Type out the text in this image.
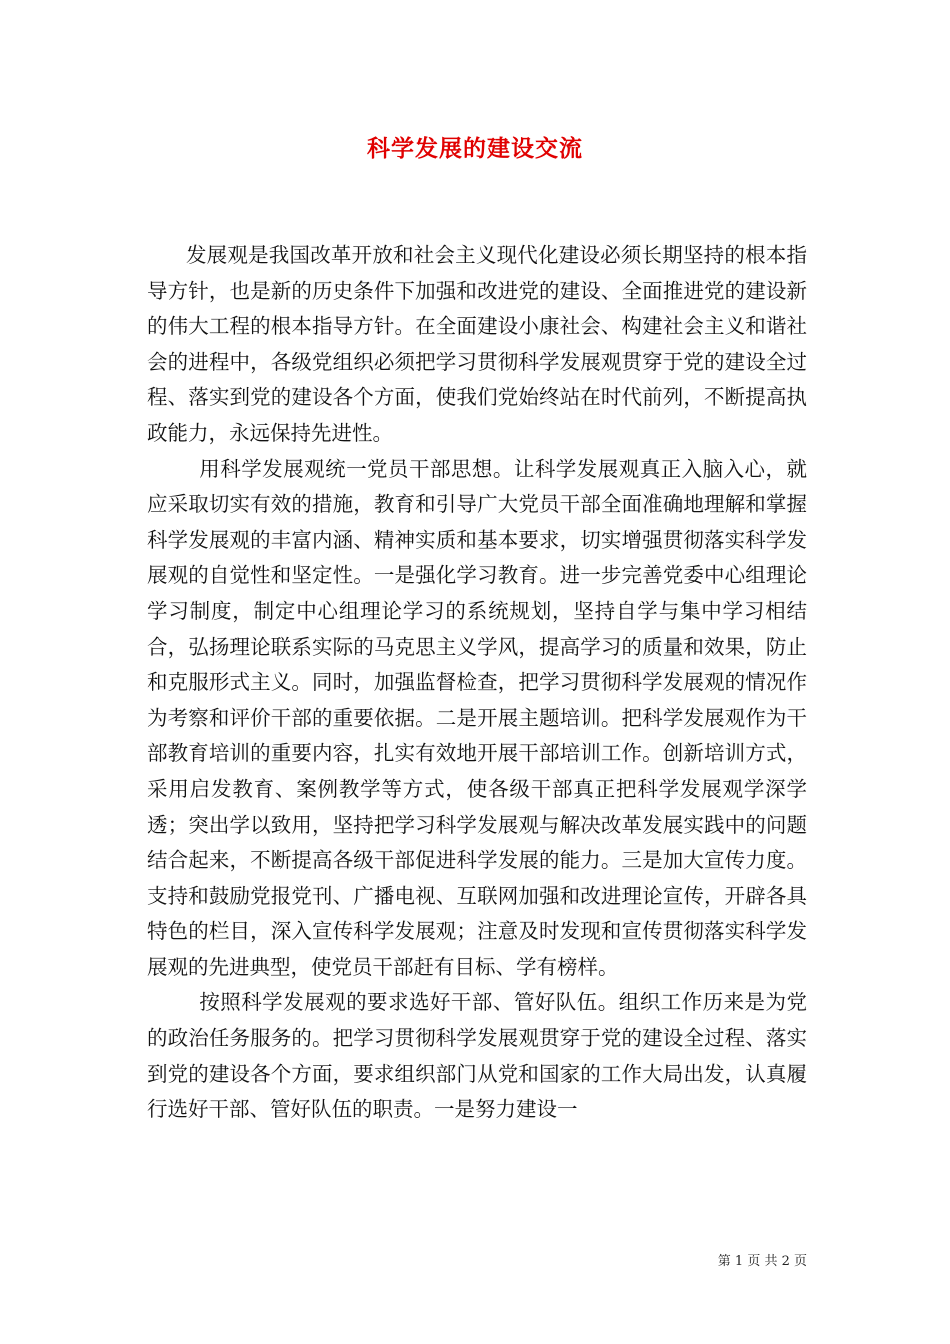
科学发展的建设交流

发展观是我国改革开放和社会主义现代化建设必须长期坚持的根本指导方针，也是新的历史条件下加强和改进党的建设、全面推进党的建设新的伟大工程的根本指导方针。在全面建设小康社会、构建社会主义和谐社会的进程中，各级党组织必须把学习贯彻科学发展观贯穿于党的建设全过程、落实到党的建设各个方面，使我们党始终站在时代前列，不断提高执政能力，永远保持先进性。

用科学发展观统一党员干部思想。让科学发展观真正入脑入心，就应采取切实有效的措施，教育和引导广大党员干部全面准确地理解和掌握科学发展观的丰富内涵、精神实质和基本要求，切实增强贯彻落实科学发展观的自觉性和坚定性。一是强化学习教育。进一步完善党委中心组理论学习制度，制定中心组理论学习的系统规划，坚持自学与集中学习相结合，弘扬理论联系实际的马克思主义学风，提高学习的质量和效果，防止和克服形式主义。同时，加强监督检查，把学习贯彻科学发展观的情况作为考察和评价干部的重要依据。二是开展主题培训。把科学发展观作为干部教育培训的重要内容，扎实有效地开展干部培训工作。创新培训方式，采用启发教育、案例教学等方式，使各级干部真正把科学发展观学深学透；突出学以致用，坚持把学习科学发展观与解决改革发展实践中的问题结合起来，不断提高各级干部促进科学发展的能力。三是加大宣传力度。支持和鼓励党报党刊、广播电视、互联网加强和改进理论宣传，开辟各具特色的栏目，深入宣传科学发展观；注意及时发现和宣传贯彻落实科学发展观的先进典型，使党员干部赶有目标、学有榜样。

按照科学发展观的要求选好干部、管好队伍。组织工作历来是为党的政治任务服务的。把学习贯彻科学发展观贯穿于党的建设全过程、落实到党的建设各个方面，要求组织部门从党和国家的工作大局出发，认真履行选好干部、管好队伍的职责。一是努力建设一

第 1 页 共 2 页
